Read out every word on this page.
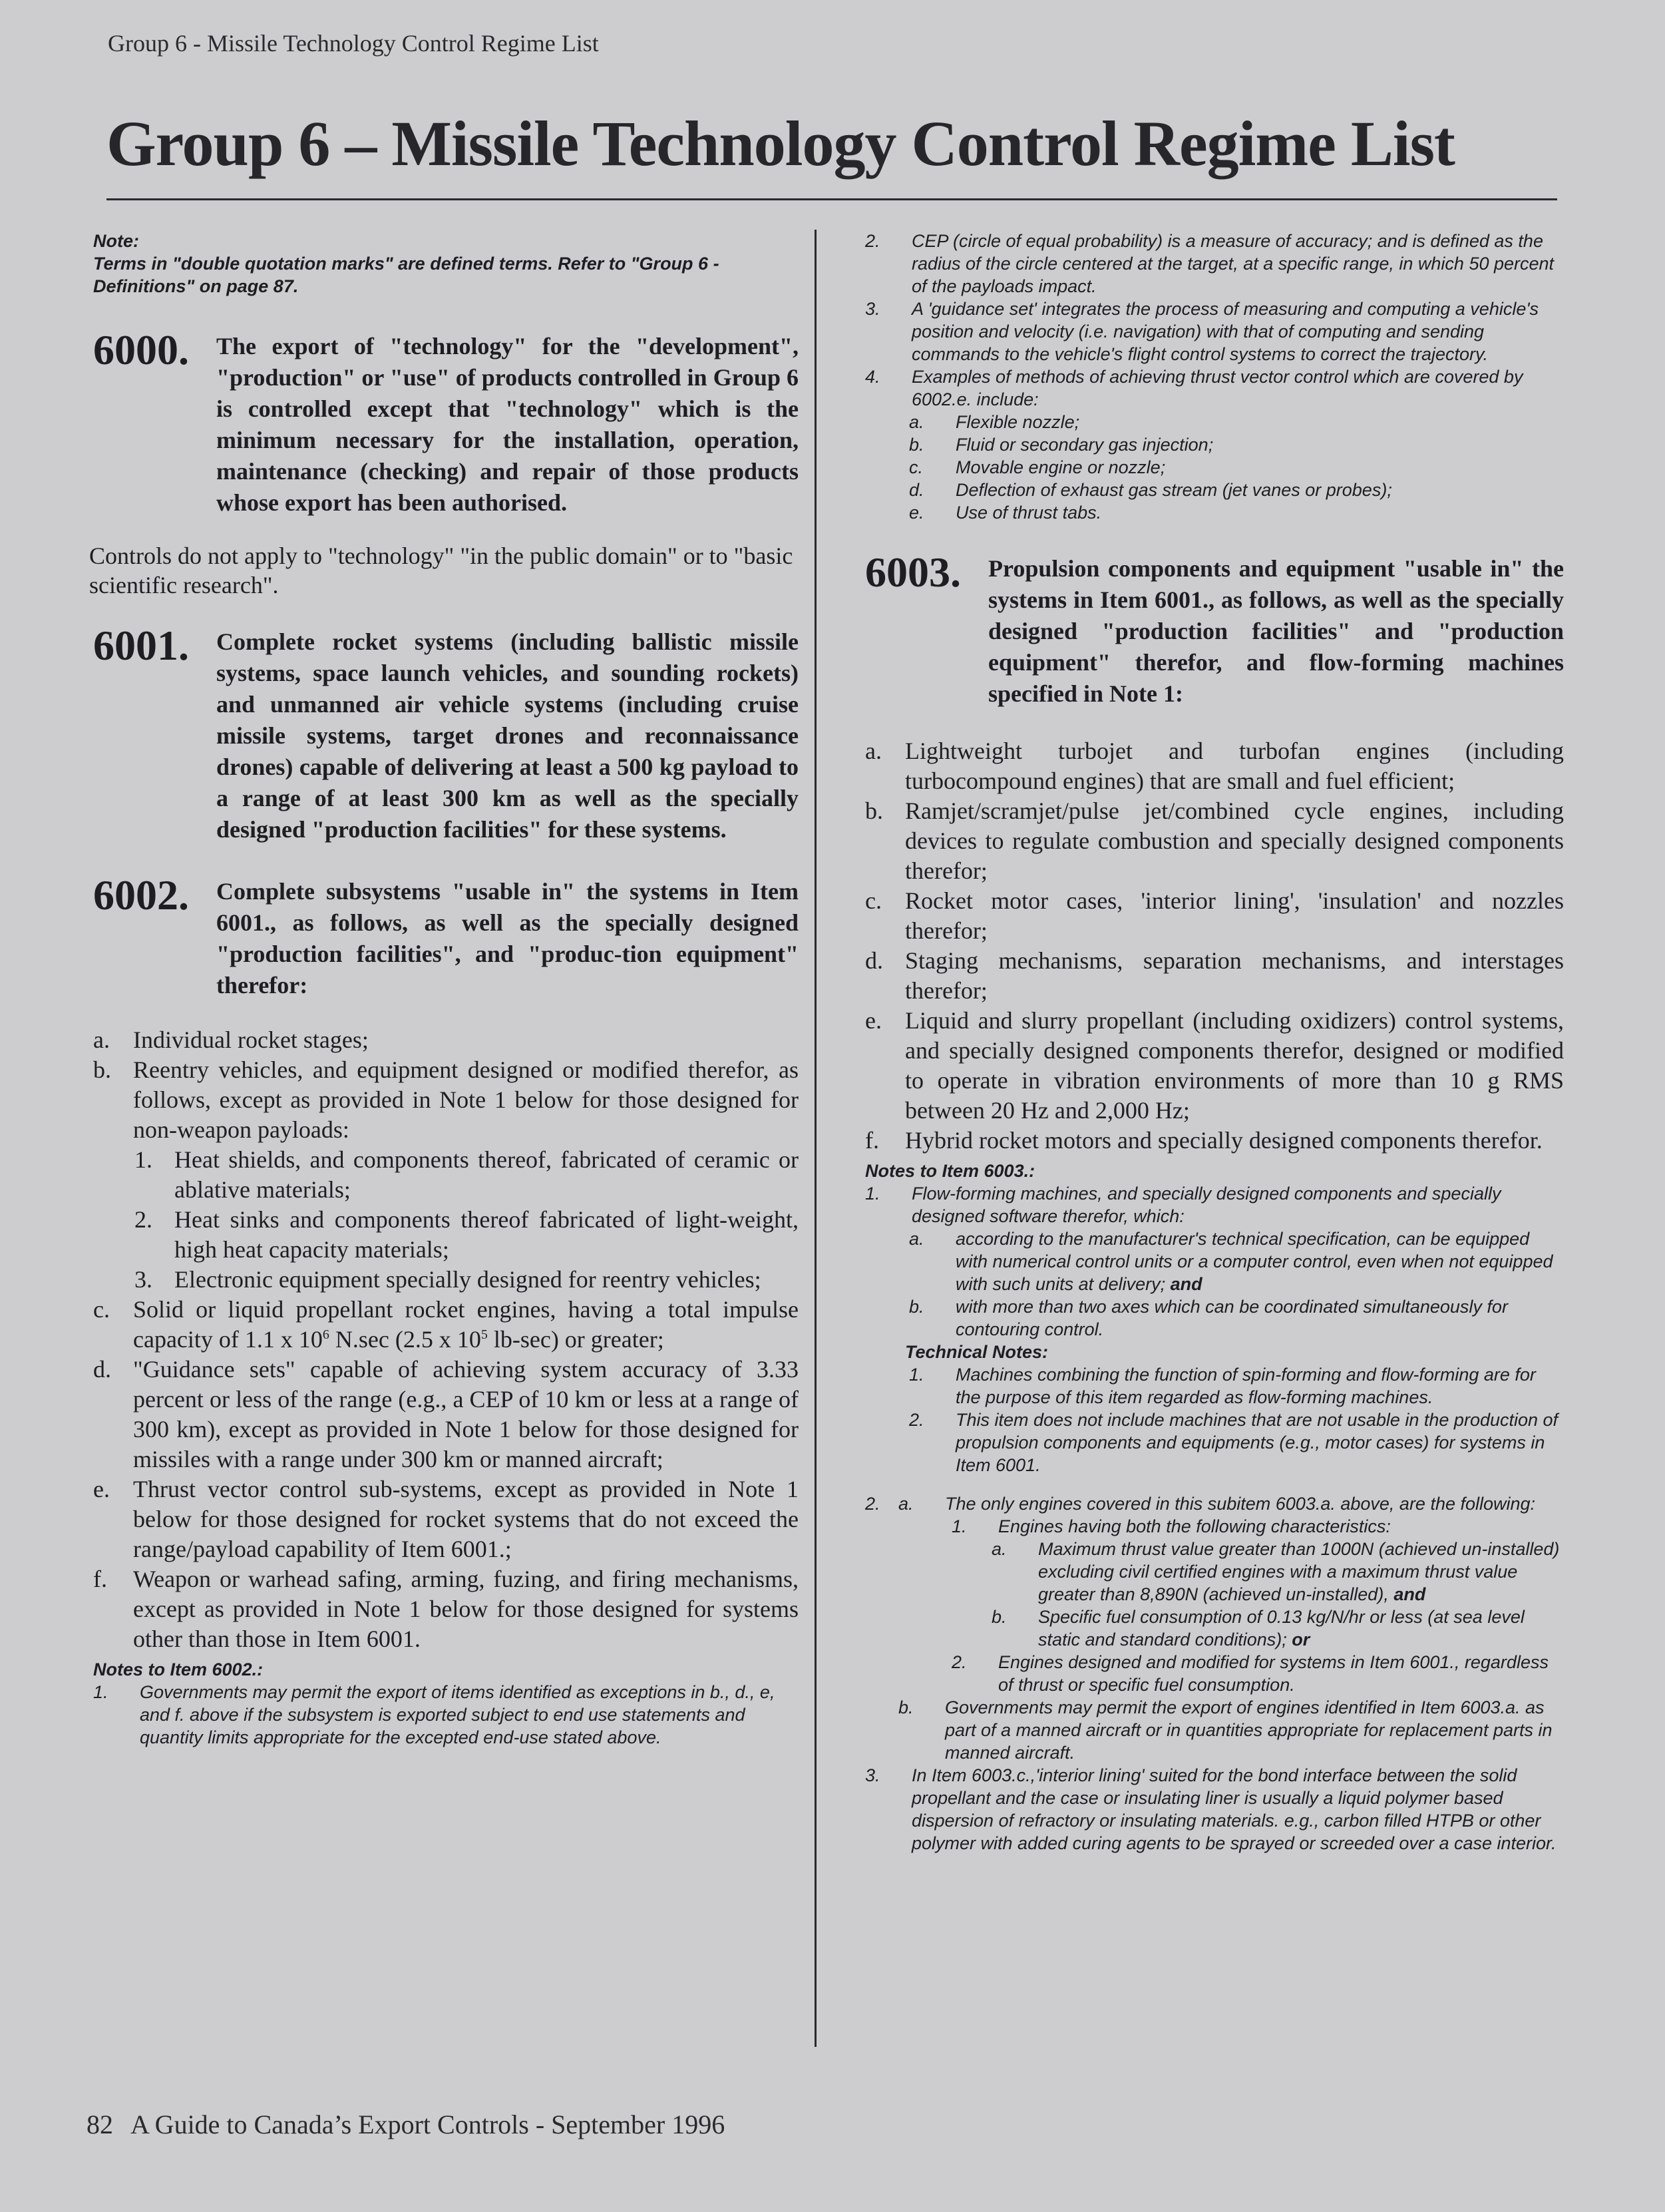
Group 6 - Missile Technology Control Regime List
Group 6 – Missile Technology Control Regime List
Note:
Terms in "double quotation marks" are defined terms. Refer to "Group 6 - Definitions" on page 87.
6000. The export of "technology" for the "development", "production" or "use" of products controlled in Group 6 is controlled except that "technology" which is the minimum necessary for the installation, operation, maintenance (checking) and repair of those products whose export has been authorised.
Controls do not apply to "technology" "in the public domain" or to "basic scientific research".
6001. Complete rocket systems (including ballistic missile systems, space launch vehicles, and sounding rockets) and unmanned air vehicle systems (including cruise missile systems, target drones and reconnaissance drones) capable of delivering at least a 500 kg payload to a range of at least 300 km as well as the specially designed "production facilities" for these systems.
6002. Complete subsystems "usable in" the systems in Item 6001., as follows, as well as the specially designed "production facilities", and "produc-tion equipment" therefor:
a. Individual rocket stages;
b. Reentry vehicles, and equipment designed or modified therefor, as follows, except as provided in Note 1 below for those designed for non-weapon payloads:
1. Heat shields, and components thereof, fabricated of ceramic or ablative materials;
2. Heat sinks and components thereof fabricated of light-weight, high heat capacity materials;
3. Electronic equipment specially designed for reentry vehicles;
c. Solid or liquid propellant rocket engines, having a total impulse capacity of 1.1 x $10^6$ N.sec (2.5 x $10^5$ lb-sec) or greater;
d. "Guidance sets" capable of achieving system accuracy of 3.33 percent or less of the range (e.g., a CEP of 10 km or less at a range of 300 km), except as provided in Note 1 below for those designed for missiles with a range under 300 km or manned aircraft;
e. Thrust vector control sub-systems, except as provided in Note 1 below for those designed for rocket systems that do not exceed the range/payload capability of Item 6001.;
f. Weapon or warhead safing, arming, fuzing, and firing mechanisms, except as provided in Note 1 below for those designed for systems other than those in Item 6001.
Notes to Item 6002.:
1. Governments may permit the export of items identified as exceptions in b., d., e, and f. above if the subsystem is exported subject to end use statements and quantity limits appropriate for the excepted end-use stated above.
2. CEP (circle of equal probability) is a measure of accuracy; and is defined as the radius of the circle centered at the target, at a specific range, in which 50 percent of the payloads impact.
3. A 'guidance set' integrates the process of measuring and computing a vehicle's position and velocity (i.e. navigation) with that of computing and sending commands to the vehicle's flight control systems to correct the trajectory.
4. Examples of methods of achieving thrust vector control which are covered by 6002.e. include:
a. Flexible nozzle;
b. Fluid or secondary gas injection;
c. Movable engine or nozzle;
d. Deflection of exhaust gas stream (jet vanes or probes);
e. Use of thrust tabs.
6003. Propulsion components and equipment "usable in" the systems in Item 6001., as follows, as well as the specially designed "production facilities" and "production equipment" therefor, and flow-forming machines specified in Note 1:
a. Lightweight turbojet and turbofan engines (including turbocompound engines) that are small and fuel efficient;
b. Ramjet/scramjet/pulse jet/combined cycle engines, including devices to regulate combustion and specially designed components therefor;
c. Rocket motor cases, 'interior lining', 'insulation' and nozzles therefor;
d. Staging mechanisms, separation mechanisms, and interstages therefor;
e. Liquid and slurry propellant (including oxidizers) control systems, and specially designed components therefor, designed or modified to operate in vibration environments of more than 10 g RMS between 20 Hz and 2,000 Hz;
f. Hybrid rocket motors and specially designed components therefor.
Notes to Item 6003.:
1. Flow-forming machines, and specially designed components and specially designed software therefor, which:
a. according to the manufacturer's technical specification, can be equipped with numerical control units or a computer control, even when not equipped with such units at delivery; and
b. with more than two axes which can be coordinated simultaneously for contouring control.
Technical Notes:
1. Machines combining the function of spin-forming and flow-forming are for the purpose of this item regarded as flow-forming machines.
2. This item does not include machines that are not usable in the production of propulsion components and equipments (e.g., motor cases) for systems in Item 6001.
2. a. The only engines covered in this subitem 6003.a. above, are the following:
1. Engines having both the following characteristics:
a. Maximum thrust value greater than 1000N (achieved un-installed) excluding civil certified engines with a maximum thrust value greater than 8,890N (achieved un-installed), and
b. Specific fuel consumption of 0.13 kg/N/hr or less (at sea level static and standard conditions); or
2. Engines designed and modified for systems in Item 6001., regardless of thrust or specific fuel consumption.
b. Governments may permit the export of engines identified in Item 6003.a. as part of a manned aircraft or in quantities appropriate for replacement parts in manned aircraft.
3. In Item 6003.c.,'interior lining' suited for the bond interface between the solid propellant and the case or insulating liner is usually a liquid polymer based dispersion of refractory or insulating materials. e.g., carbon filled HTPB or other polymer with added curing agents to be sprayed or screeded over a case interior.
82 A Guide to Canada’s Export Controls - September 1996
